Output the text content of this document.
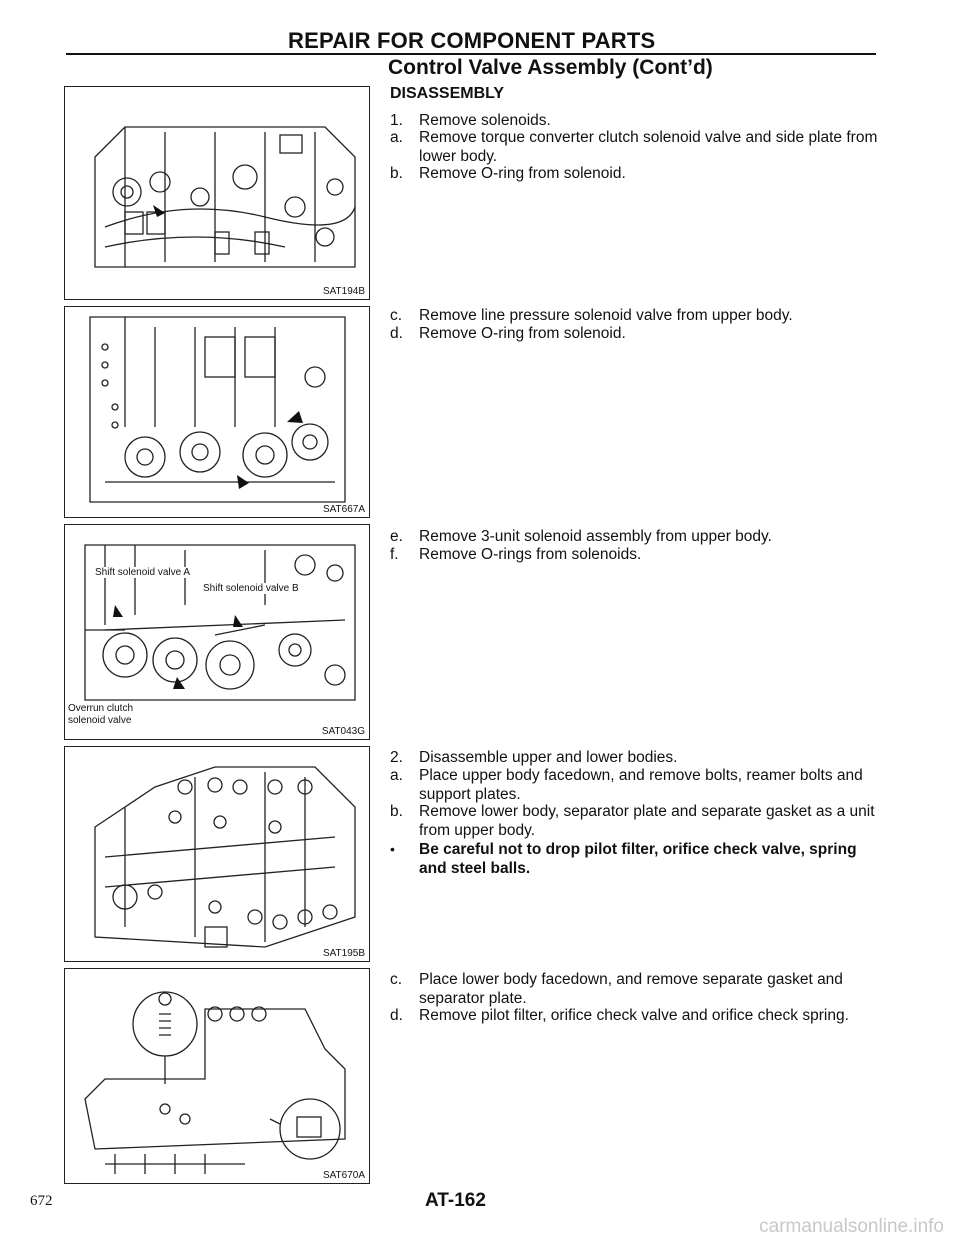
REPAIR FOR COMPONENT PARTS
Control Valve Assembly (Cont’d)
DISASSEMBLY
SAT194B
SAT667A
Shift solenoid valve A
Shift solenoid valve B
Overrun clutch
solenoid valve
SAT043G
SAT195B
SAT670A
1. Remove solenoids.
a. Remove torque converter clutch solenoid valve and side plate from lower body.
b. Remove O-ring from solenoid.
c. Remove line pressure solenoid valve from upper body.
d. Remove O-ring from solenoid.
e. Remove 3-unit solenoid assembly from upper body.
f. Remove O-rings from solenoids.
2. Disassemble upper and lower bodies.
a. Place upper body facedown, and remove bolts, reamer bolts and support plates.
b. Remove lower body, separator plate and separate gasket as a unit from upper body.
• Be careful not to drop pilot filter, orifice check valve, spring and steel balls.
c. Place lower body facedown, and remove separate gasket and separator plate.
d. Remove pilot filter, orifice check valve and orifice check spring.
672	AT-162
carmanualsonline.info
